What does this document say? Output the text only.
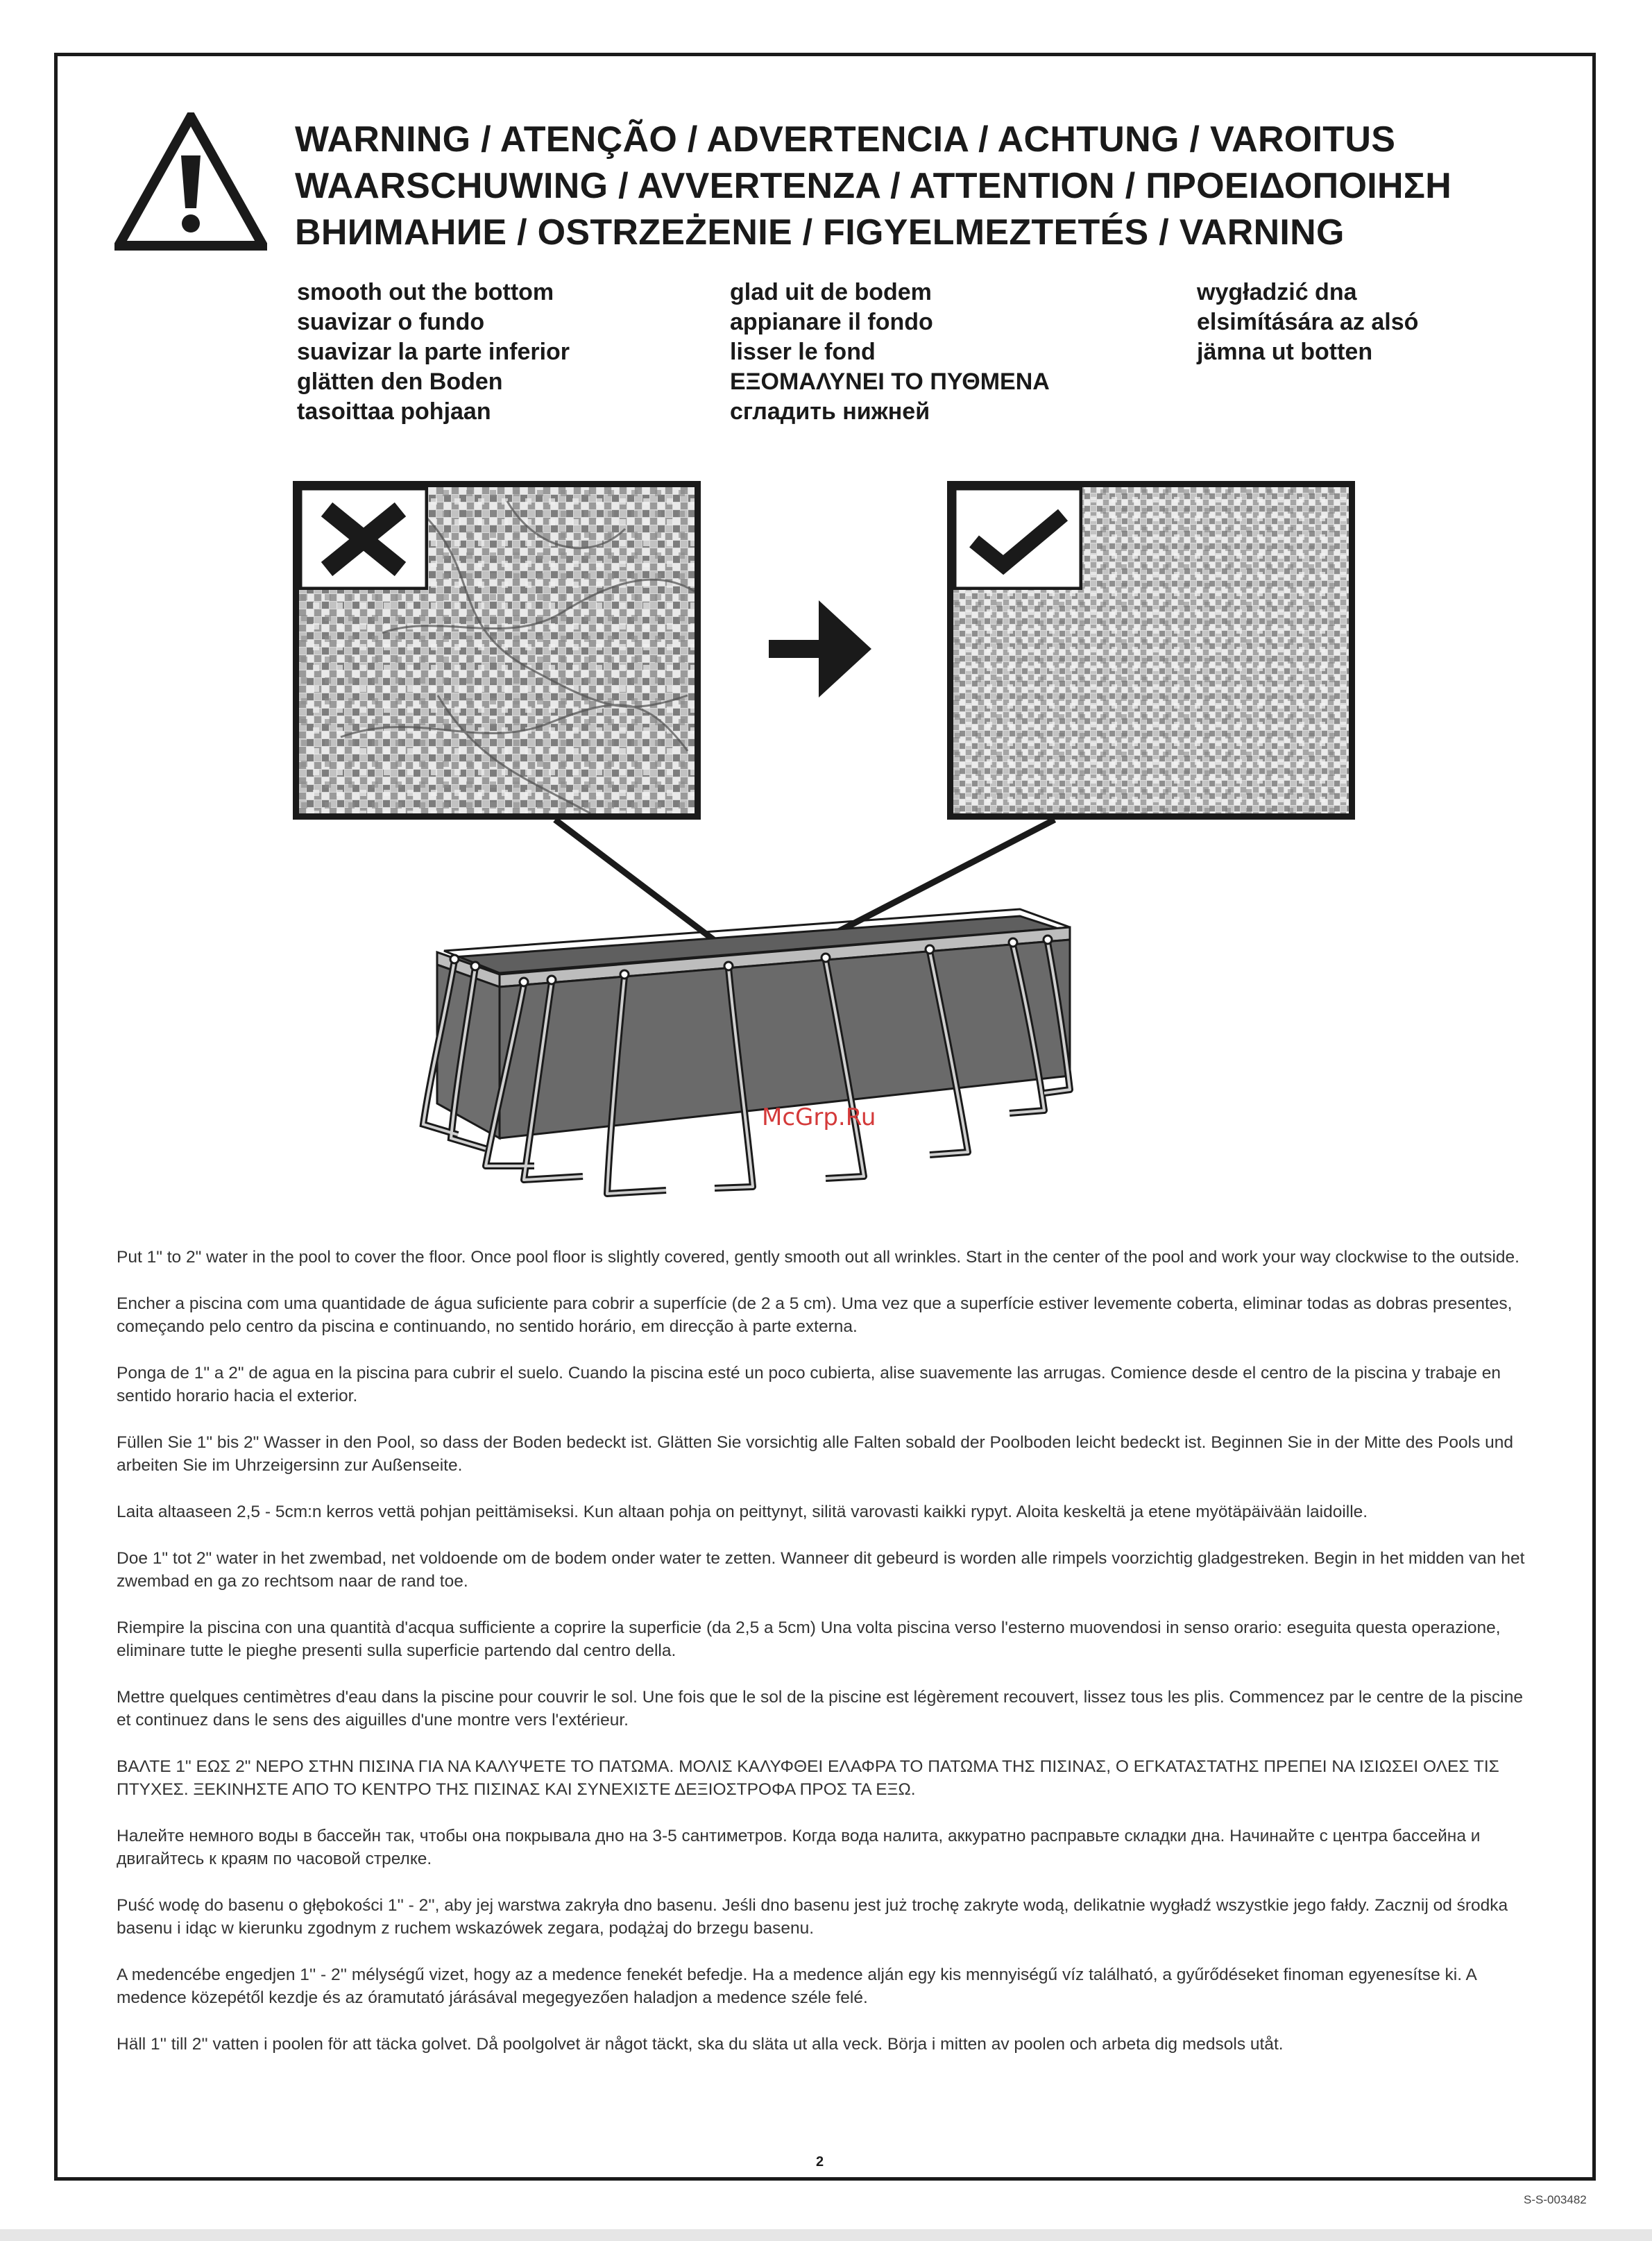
WARNING / ATENÇÃO / ADVERTENCIA / ACHTUNG / VAROITUS
WAARSCHUWING / AVVERTENZA / ATTENTION / ΠΡΟΕΙΔΟΠΟΙΗΣΗ
ВНИМАНИЕ / OSTRZEŻENIE / FIGYELMEZTETÉS / VARNING
smooth out the bottom
suavizar o fundo
suavizar la parte inferior
glätten den Boden
tasoittaa pohjaan
glad uit de bodem
appianare il fondo
lisser le fond
ΕΞΟΜΑΛΥΝΕΙ ΤΟ ΠΥΘΜΕΝΑ
сгладить нижней
wygładzić dna
elsimítására az alsó
jämna ut botten
McGrp.Ru

Put 1" to 2" water in the pool to cover the floor. Once pool floor is slightly covered, gently smooth out all wrinkles. Start in the center of the pool and work your way clockwise to the outside.

Encher a piscina com uma quantidade de água suficiente para cobrir a superfície (de 2 a 5 cm). Uma vez que a superfície estiver levemente coberta, eliminar todas as dobras presentes, começando pelo centro da piscina e continuando, no sentido horário, em direcção à parte externa.

Ponga de 1" a 2" de agua en la piscina para cubrir el suelo. Cuando la piscina esté un poco cubierta, alise suavemente las arrugas. Comience desde el centro de la piscina y trabaje en sentido horario hacia el exterior.

Füllen Sie 1" bis 2" Wasser in den Pool, so dass der Boden bedeckt ist. Glätten Sie vorsichtig alle Falten sobald der Poolboden leicht bedeckt ist. Beginnen Sie in der Mitte des Pools und arbeiten Sie im Uhrzeigersinn zur Außenseite.

Laita altaaseen 2,5 - 5cm:n kerros vettä pohjan peittämiseksi. Kun altaan pohja on peittynyt, silitä varovasti kaikki rypyt. Aloita keskeltä ja etene myötäpäivään laidoille.

Doe 1" tot 2" water in het zwembad, net voldoende om de bodem onder water te zetten. Wanneer dit gebeurd is worden alle rimpels voorzichtig gladgestreken. Begin in het midden van het zwembad en ga zo rechtsom naar de rand toe.

Riempire la piscina con una quantità d'acqua sufficiente a coprire la superficie (da 2,5 a 5cm) Una volta piscina verso l'esterno muovendosi in senso orario: eseguita questa operazione, eliminare tutte le pieghe presenti sulla superficie partendo dal centro della.

Mettre quelques centimètres d'eau dans la piscine pour couvrir le sol. Une fois que le sol de la piscine est légèrement recouvert, lissez tous les plis. Commencez par le centre de la piscine et continuez dans le sens des aiguilles d'une montre vers l'extérieur.

ΒΑΛΤΕ 1" ΕΩΣ 2" ΝΕΡΟ ΣΤΗΝ ΠΙΣΙΝΑ ΓΙΑ ΝΑ ΚΑΛΥΨΕΤΕ ΤΟ ΠΑΤΩΜΑ. ΜΟΛΙΣ ΚΑΛΥΦΘΕΙ ΕΛΑΦΡΑ ΤΟ ΠΑΤΩΜΑ ΤΗΣ ΠΙΣΙΝΑΣ, Ο ΕΓΚΑΤΑΣΤΑΤΗΣ ΠΡΕΠΕΙ ΝΑ ΙΣΙΩΣΕΙ ΟΛΕΣ ΤΙΣ ΠΤΥΧΕΣ. ΞΕΚΙΝΗΣΤΕ ΑΠΟ ΤΟ ΚΕΝΤΡΟ ΤΗΣ ΠΙΣΙΝΑΣ ΚΑΙ ΣΥΝΕΧΙΣΤΕ ΔΕΞΙΟΣΤΡΟΦΑ ΠΡΟΣ ΤΑ ΕΞΩ.

Налейте немного воды в бассейн так, чтобы она покрывала дно на 3-5 сантиметров. Когда вода налита, аккуратно расправьте складки дна. Начинайте с центра бассейна и двигайтесь к краям по часовой стрелке.

Puść wodę do basenu o głębokości 1'' - 2'', aby jej warstwa zakryła dno basenu. Jeśli dno basenu jest już trochę zakryte wodą, delikatnie wygładź wszystkie jego fałdy. Zacznij od środka basenu i idąc w kierunku zgodnym z ruchem wskazówek zegara, podążaj do brzegu basenu.

A medencébe engedjen 1'' - 2'' mélységű vizet, hogy az a medence fenekét befedje. Ha a medence alján egy kis mennyiségű víz található, a gyűrődéseket finoman egyenesítse ki. A medence közepétől kezdje és az óramutató járásával megegyezően haladjon a medence széle felé.

Häll 1'' till 2'' vatten i poolen för att täcka golvet. Då poolgolvet är något täckt, ska du släta ut alla veck. Börja i mitten av poolen och arbeta dig medsols utåt.

2
S-S-003482
